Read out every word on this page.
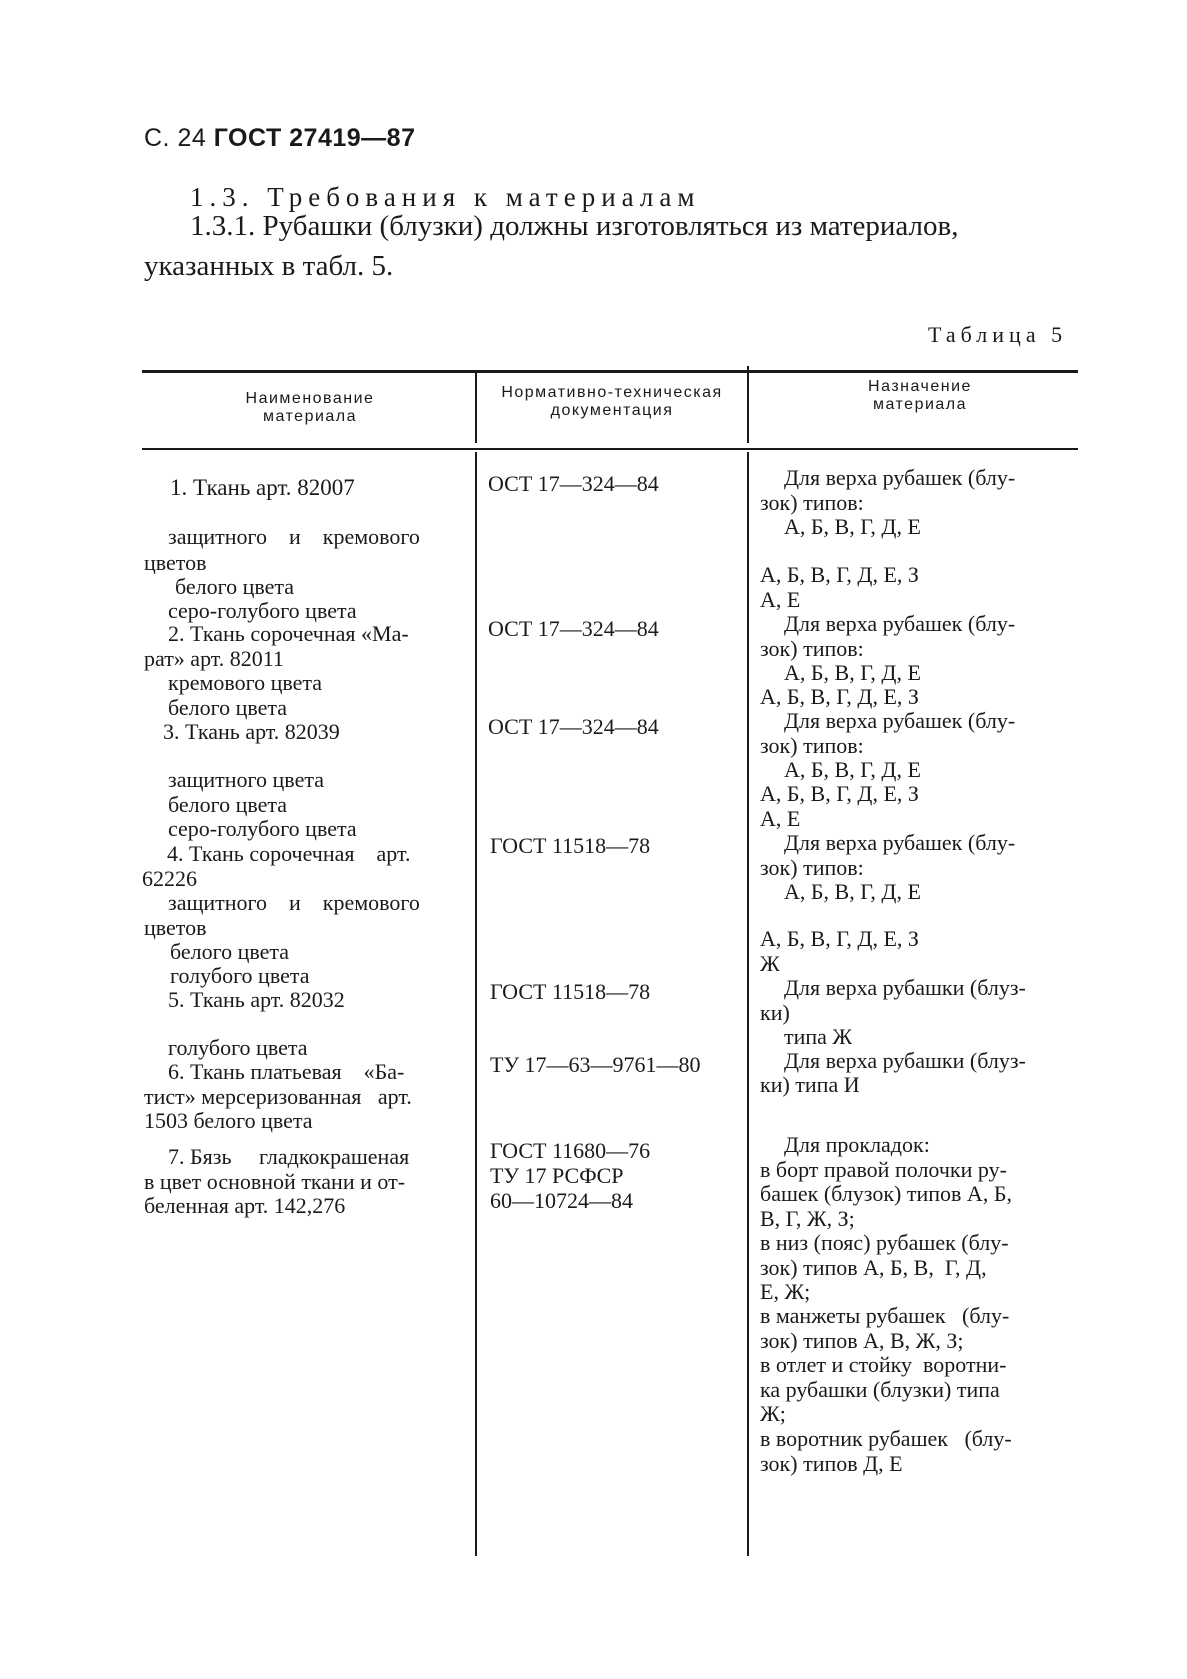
С. 24 ГОСТ 27419—87
1.3. Требования к материалам
1.3.1. Рубашки (блузки) должны изготовляться из материалов,
указанных в табл. 5.
Таблица 5
Наименование
материала
Нормативно-техническая
документация
Назначение
материала
1. Ткань арт. 82007
защитного    и    кремового
цветов
белого цвета
серо-голубого цвета
2. Ткань сорочечная «Ма-
рат» арт. 82011
кремового цвета
белого цвета
3. Ткань арт. 82039
защитного цвета
белого цвета
серо-голубого цвета
4. Ткань сорочечная    арт.
62226
защитного    и    кремового
цветов
белого цвета
голубого цвета
5. Ткань арт. 82032
голубого цвета
6. Ткань платьевая    «Ба-
тист» мерсеризованная   арт.
1503 белого цвета
7. Бязь     гладкокрашеная
в цвет основной ткани и от-
беленная арт. 142,276
ОСТ 17—324—84
ОСТ 17—324—84
ОСТ 17—324—84
ГОСТ 11518—78
ГОСТ 11518—78
ТУ 17—63—9761—80
ГОСТ 11680—76
ТУ 17 РСФСР
60—10724—84
Для верха рубашек (блу-
зок) типов:
А, Б, В, Г, Д, Е
А, Б, В, Г, Д, Е, З
А, Е
Для верха рубашек (блу-
зок) типов:
А, Б, В, Г, Д, Е
А, Б, В, Г, Д, Е, З
Для верха рубашек (блу-
зок) типов:
А, Б, В, Г, Д, Е
А, Б, В, Г, Д, Е, З
А, Е
Для верха рубашек (блу-
зок) типов:
А, Б, В, Г, Д, Е
А, Б, В, Г, Д, Е, З
Ж
Для верха рубашки (блуз-
ки)
типа Ж
Для верха рубашки (блуз-
ки) типа И
Для прокладок:
в борт правой полочки ру-
башек (блузок) типов А, Б,
В, Г, Ж, З;
в низ (пояс) рубашек (блу-
зок) типов А, Б, В,  Г, Д,
Е, Ж;
в манжеты рубашек   (блу-
зок) типов А, В, Ж, З;
в отлет и стойку  воротни-
ка рубашки (блузки) типа
Ж;
в воротник рубашек   (блу-
зок) типов Д, Е
